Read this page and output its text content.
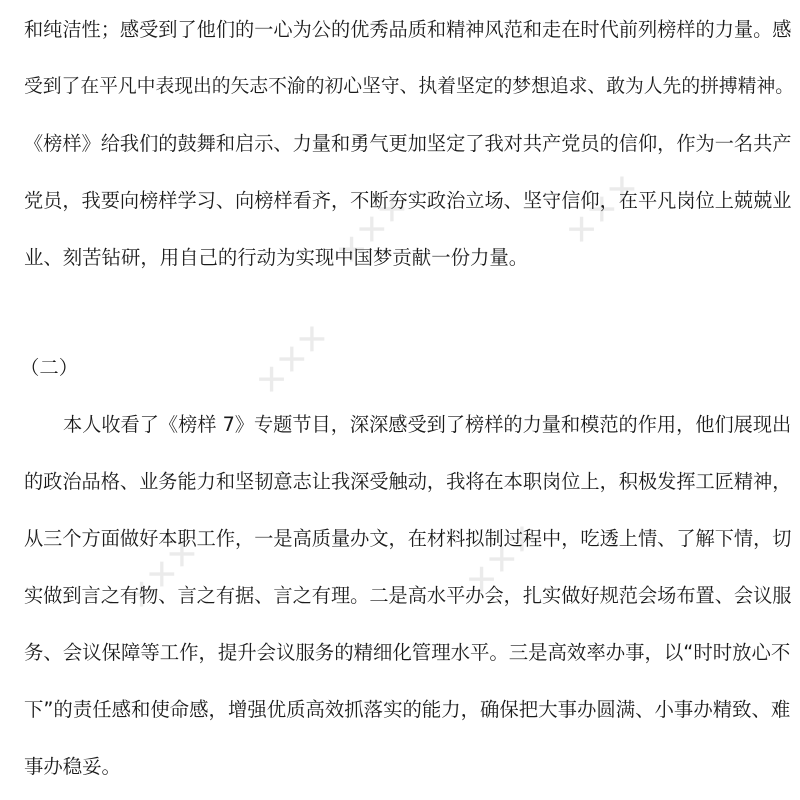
✕✕✕	✕✕✕
✕✕✕
✕✕✕	✕✕✕
和纯洁性；感受到了他们的一心为公的优秀品质和精神风范和走在时代前列榜样的力量。感
受到了在平凡中表现出的矢志不渝的初心坚守、执着坚定的梦想追求、敢为人先的拼搏精神。
《榜样》给我们的鼓舞和启示、力量和勇气更加坚定了我对共产党员的信仰，作为一名共产
党员，我要向榜样学习、向榜样看齐，不断夯实政治立场、坚守信仰，在平凡岗位上兢兢业
业、刻苦钻研，用自己的行动为实现中国梦贡献一份力量。
（二）
本人收看了《榜样 7》专题节目，深深感受到了榜样的力量和模范的作用，他们展现出
的政治品格、业务能力和坚韧意志让我深受触动，我将在本职岗位上，积极发挥工匠精神，
从三个方面做好本职工作，一是高质量办文，在材料拟制过程中，吃透上情、了解下情，切
实做到言之有物、言之有据、言之有理。二是高水平办会，扎实做好规范会场布置、会议服
务、会议保障等工作，提升会议服务的精细化管理水平。三是高效率办事，以“时时放心不
下”的责任感和使命感，增强优质高效抓落实的能力，确保把大事办圆满、小事办精致、难
事办稳妥。
